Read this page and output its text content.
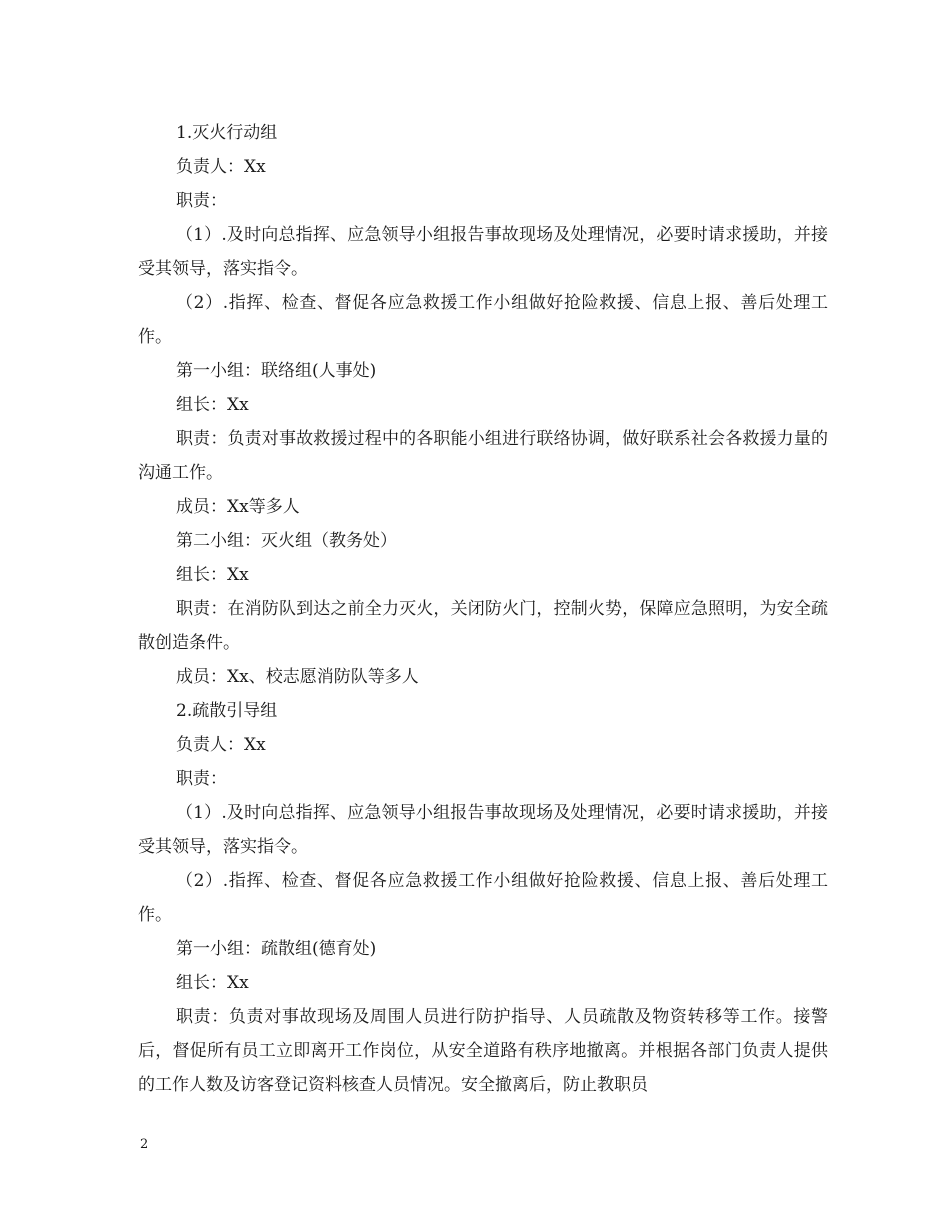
1.灭火行动组

负责人：Xx

职责：

（1）.及时向总指挥、应急领导小组报告事故现场及处理情况，必要时请求援助，并接受其领导，落实指令。

（2）.指挥、检查、督促各应急救援工作小组做好抢险救援、信息上报、善后处理工作。

第一小组：联络组(人事处)

组长：Xx

职责：负责对事故救援过程中的各职能小组进行联络协调，做好联系社会各救援力量的沟通工作。

成员：Xx等多人

第二小组：灭火组（教务处）

组长：Xx

职责：在消防队到达之前全力灭火，关闭防火门，控制火势，保障应急照明，为安全疏散创造条件。

成员：Xx、校志愿消防队等多人

2.疏散引导组

负责人：Xx

职责：

（1）.及时向总指挥、应急领导小组报告事故现场及处理情况，必要时请求援助，并接受其领导，落实指令。

（2）.指挥、检查、督促各应急救援工作小组做好抢险救援、信息上报、善后处理工作。

第一小组：疏散组(德育处)

组长：Xx

职责：负责对事故现场及周围人员进行防护指导、人员疏散及物资转移等工作。接警后，督促所有员工立即离开工作岗位，从安全道路有秩序地撤离。并根据各部门负责人提供的工作人数及访客登记资料核查人员情况。安全撤离后，防止教职员

2
